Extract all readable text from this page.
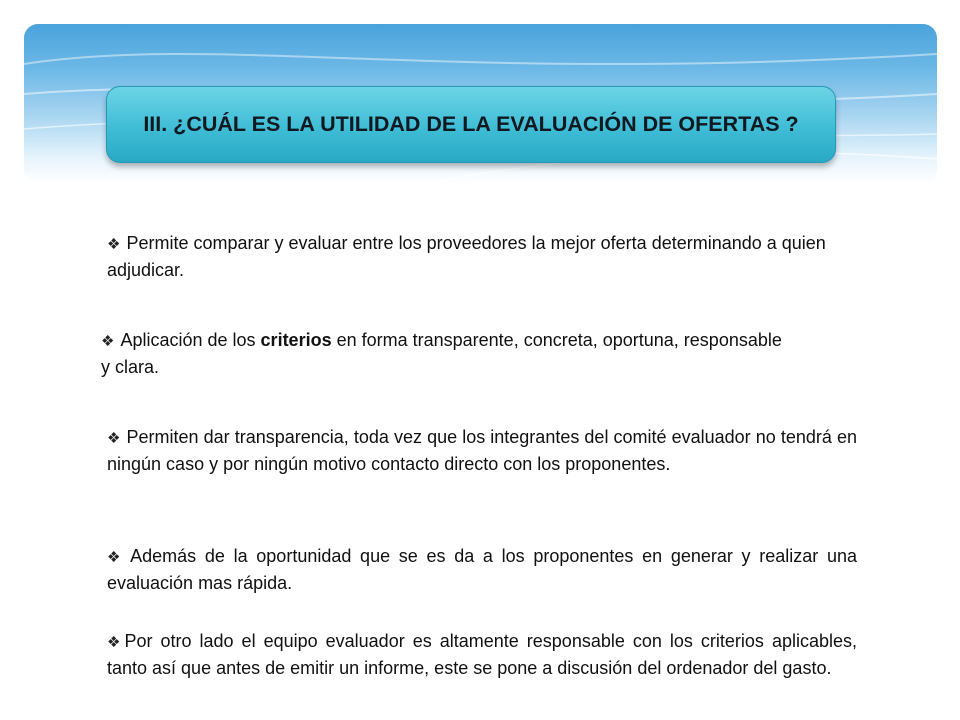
III. ¿CUÁL ES LA UTILIDAD DE LA EVALUACIÓN DE OFERTAS ?
❖ Permite comparar y evaluar entre los proveedores la mejor oferta determinando a quien adjudicar.
❖ Aplicación de los criterios en forma transparente, concreta, oportuna, responsable y clara.
❖ Permiten dar transparencia, toda vez que los integrantes del comité evaluador no tendrá en ningún caso y por ningún motivo contacto directo con los proponentes.
❖ Además de la oportunidad que se es da a los proponentes en generar y realizar una evaluación mas rápida.
❖Por otro lado el equipo evaluador es altamente responsable con los criterios aplicables, tanto así que antes de emitir un informe, este se pone a discusión del ordenador del gasto.
